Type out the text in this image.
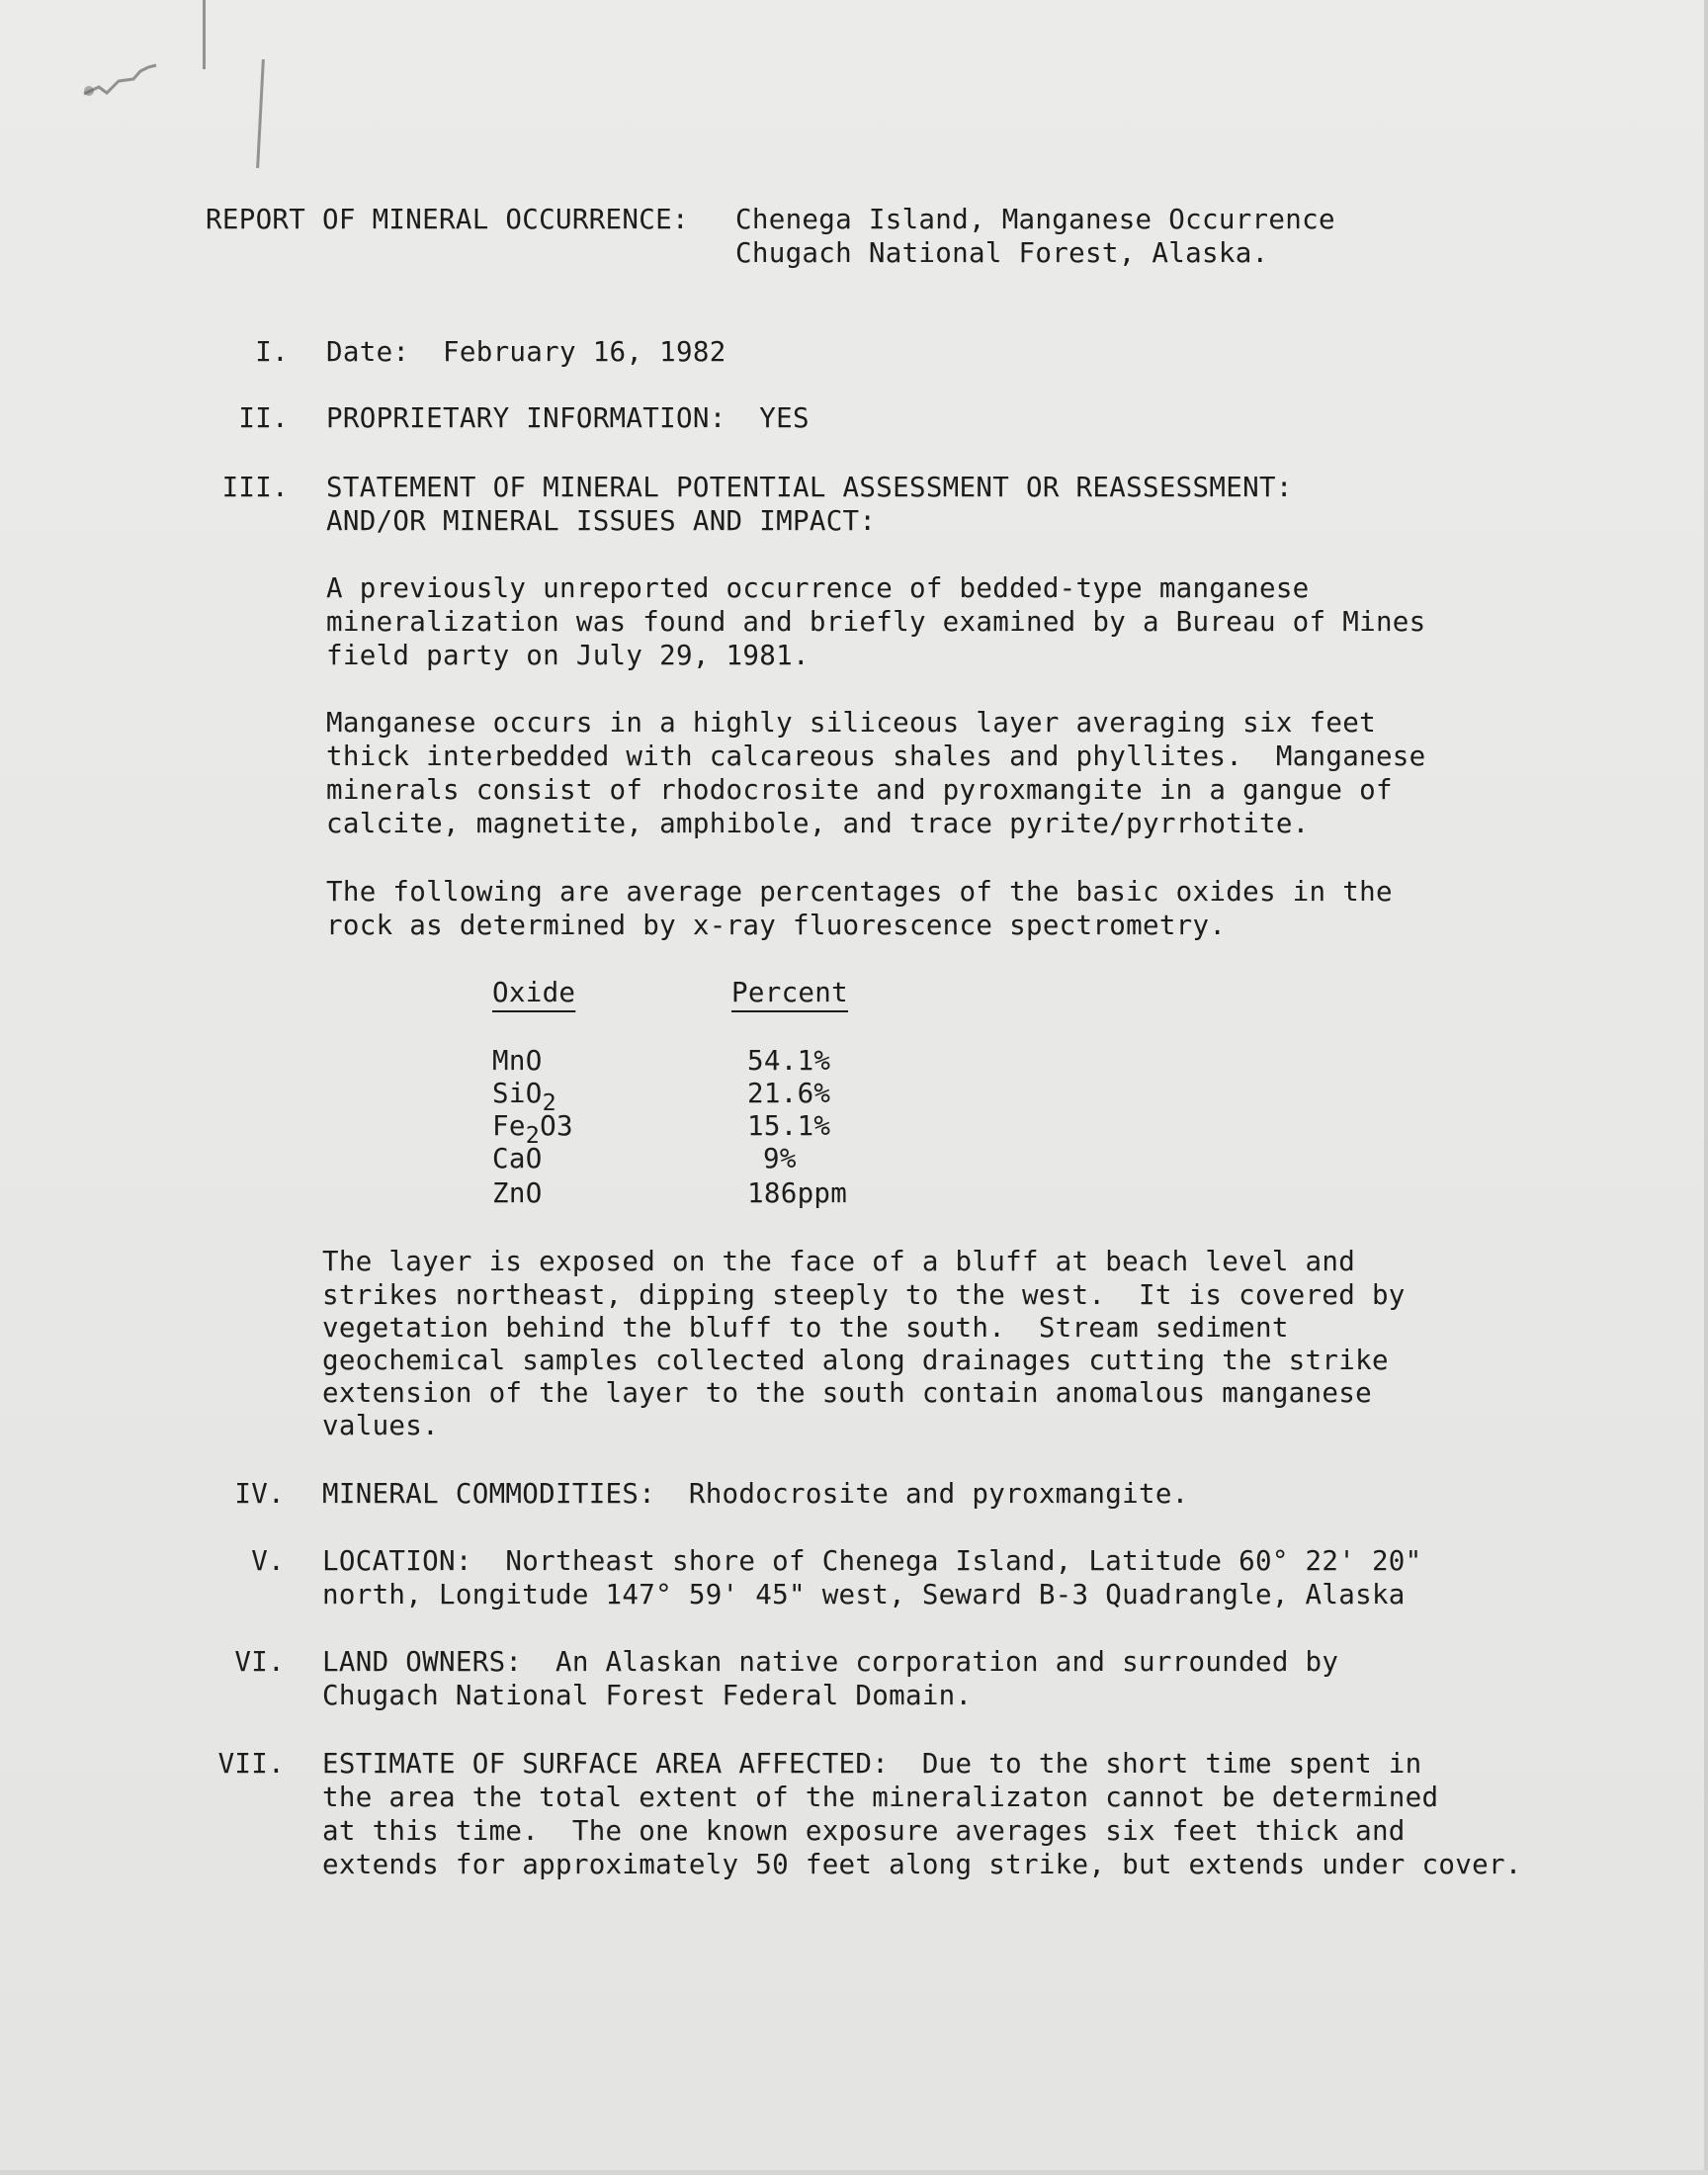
REPORT OF MINERAL OCCURRENCE: Chenega Island, Manganese Occurrence
Chugach National Forest, Alaska.
I. Date:  February 16, 1982
II. PROPRIETARY INFORMATION:  YES
III. STATEMENT OF MINERAL POTENTIAL ASSESSMENT OR REASSESSMENT:
AND/OR MINERAL ISSUES AND IMPACT:
A previously unreported occurrence of bedded-type manganese
mineralization was found and briefly examined by a Bureau of Mines
field party on July 29, 1981.
Manganese occurs in a highly siliceous layer averaging six feet
thick interbedded with calcareous shales and phyllites.  Manganese
minerals consist of rhodocrosite and pyroxmangite in a gangue of
calcite, magnetite, amphibole, and trace pyrite/pyrrhotite.
The following are average percentages of the basic oxides in the
rock as determined by x-ray fluorescence spectrometry.
Oxide	Percent
MnO	54.1%
SiO$_2$	21.6%
$Fe_2O3$	15.1%
CaO	9%
ZnO	186ppm
The layer is exposed on the face of a bluff at beach level and
strikes northeast, dipping steeply to the west.  It is covered by
vegetation behind the bluff to the south.  Stream sediment
geochemical samples collected along drainages cutting the strike
extension of the layer to the south contain anomalous manganese
values.
IV. MINERAL COMMODITIES:  Rhodocrosite and pyroxmangite.
V. LOCATION:  Northeast shore of Chenega Island, Latitude 60° 22' 20"
north, Longitude 147° 59' 45" west, Seward B-3 Quadrangle, Alaska
VI. LAND OWNERS:  An Alaskan native corporation and surrounded by
Chugach National Forest Federal Domain.
VII. ESTIMATE OF SURFACE AREA AFFECTED:  Due to the short time spent in
the area the total extent of the mineralizaton cannot be determined
at this time.  The one known exposure averages six feet thick and
extends for approximately 50 feet along strike, but extends under cover.
